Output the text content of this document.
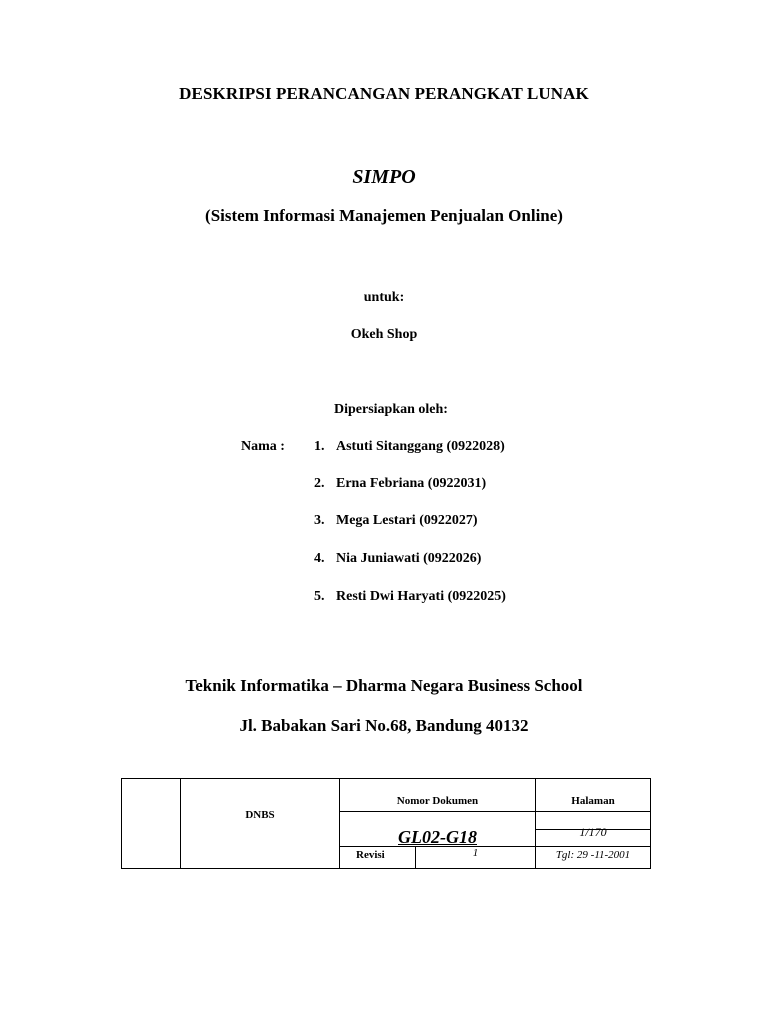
DESKRIPSI PERANCANGAN PERANGKAT LUNAK
SIMPO
(Sistem Informasi Manajemen Penjualan Online)
untuk:
Okeh Shop
Dipersiapkan oleh:
Nama : 1. Astuti Sitanggang (0922028)
2. Erna Febriana (0922031)
3. Mega Lestari (0922027)
4. Nia Juniawati (0922026)
5. Resti Dwi Haryati (0922025)
Teknik Informatika – Dharma Negara Business School
Jl. Babakan Sari No.68, Bandung 40132
DNBS
Nomor Dokumen
GL02-G18
Halaman
1/170
Revisi	1	Tgl: 29 -11-2001
